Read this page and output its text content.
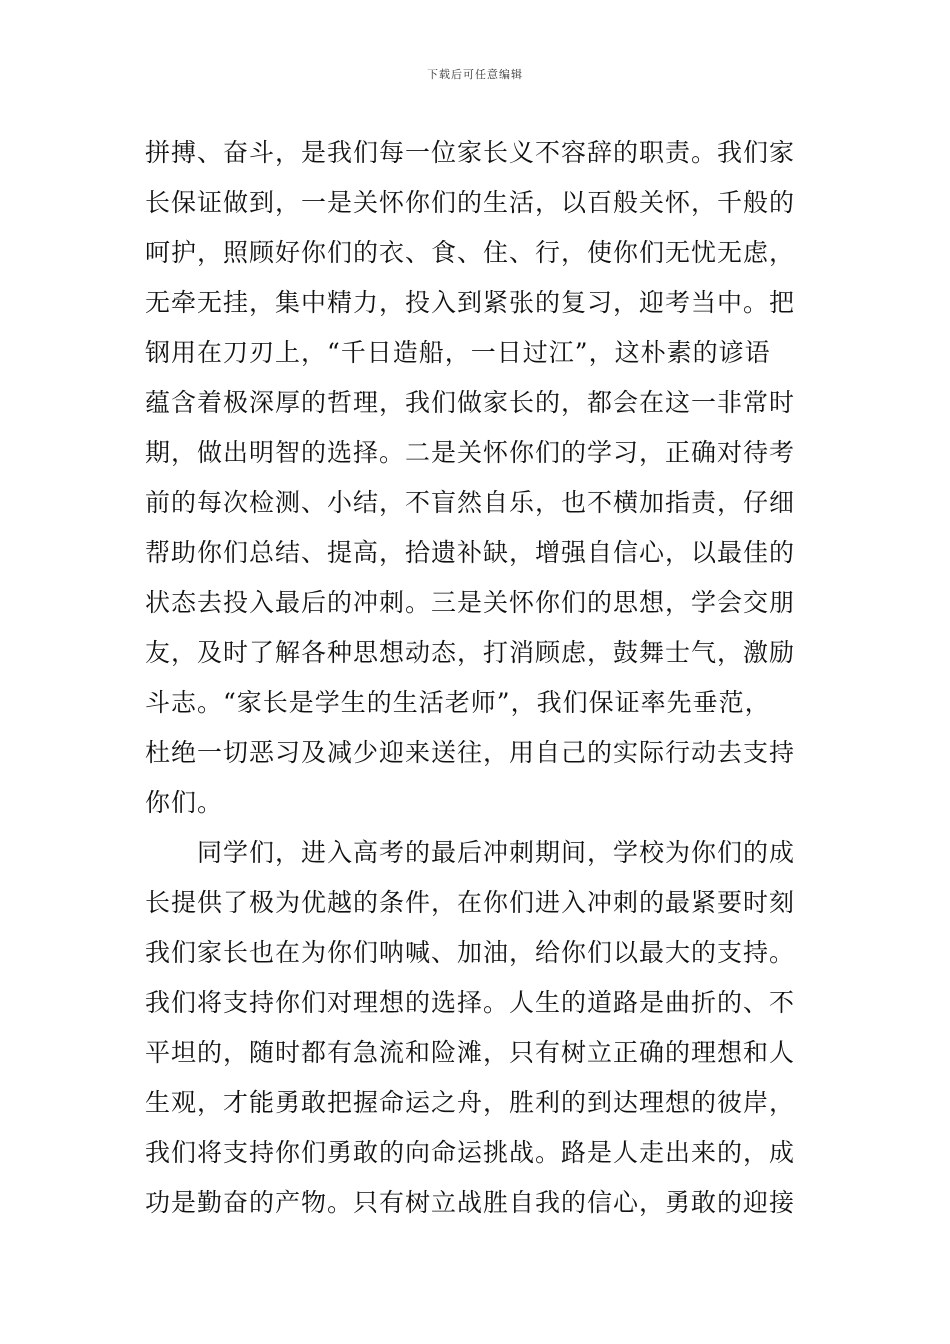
下载后可任意编辑
拼搏、奋斗，是我们每一位家长义不容辞的职责。我们家
长保证做到，一是关怀你们的生活，以百般关怀，千般的
呵护，照顾好你们的衣、食、住、行，使你们无忧无虑，
无牵无挂，集中精力，投入到紧张的复习，迎考当中。把
钢用在刀刃上，“千日造船，一日过江”，这朴素的谚语
蕴含着极深厚的哲理，我们做家长的，都会在这一非常时
期，做出明智的选择。二是关怀你们的学习，正确对待考
前的每次检测、小结，不盲然自乐，也不横加指责，仔细
帮助你们总结、提高，拾遗补缺，增强自信心，以最佳的
状态去投入最后的冲刺。三是关怀你们的思想，学会交朋
友，及时了解各种思想动态，打消顾虑，鼓舞士气，激励
斗志。“家长是学生的生活老师”，我们保证率先垂范，
杜绝一切恶习及减少迎来送往，用自己的实际行动去支持
你们。
同学们，进入高考的最后冲刺期间，学校为你们的成
长提供了极为优越的条件，在你们进入冲刺的最紧要时刻
我们家长也在为你们呐喊、加油，给你们以最大的支持。
我们将支持你们对理想的选择。人生的道路是曲折的、不
平坦的，随时都有急流和险滩，只有树立正确的理想和人
生观，才能勇敢把握命运之舟，胜利的到达理想的彼岸，
我们将支持你们勇敢的向命运挑战。路是人走出来的，成
功是勤奋的产物。只有树立战胜自我的信心，勇敢的迎接
